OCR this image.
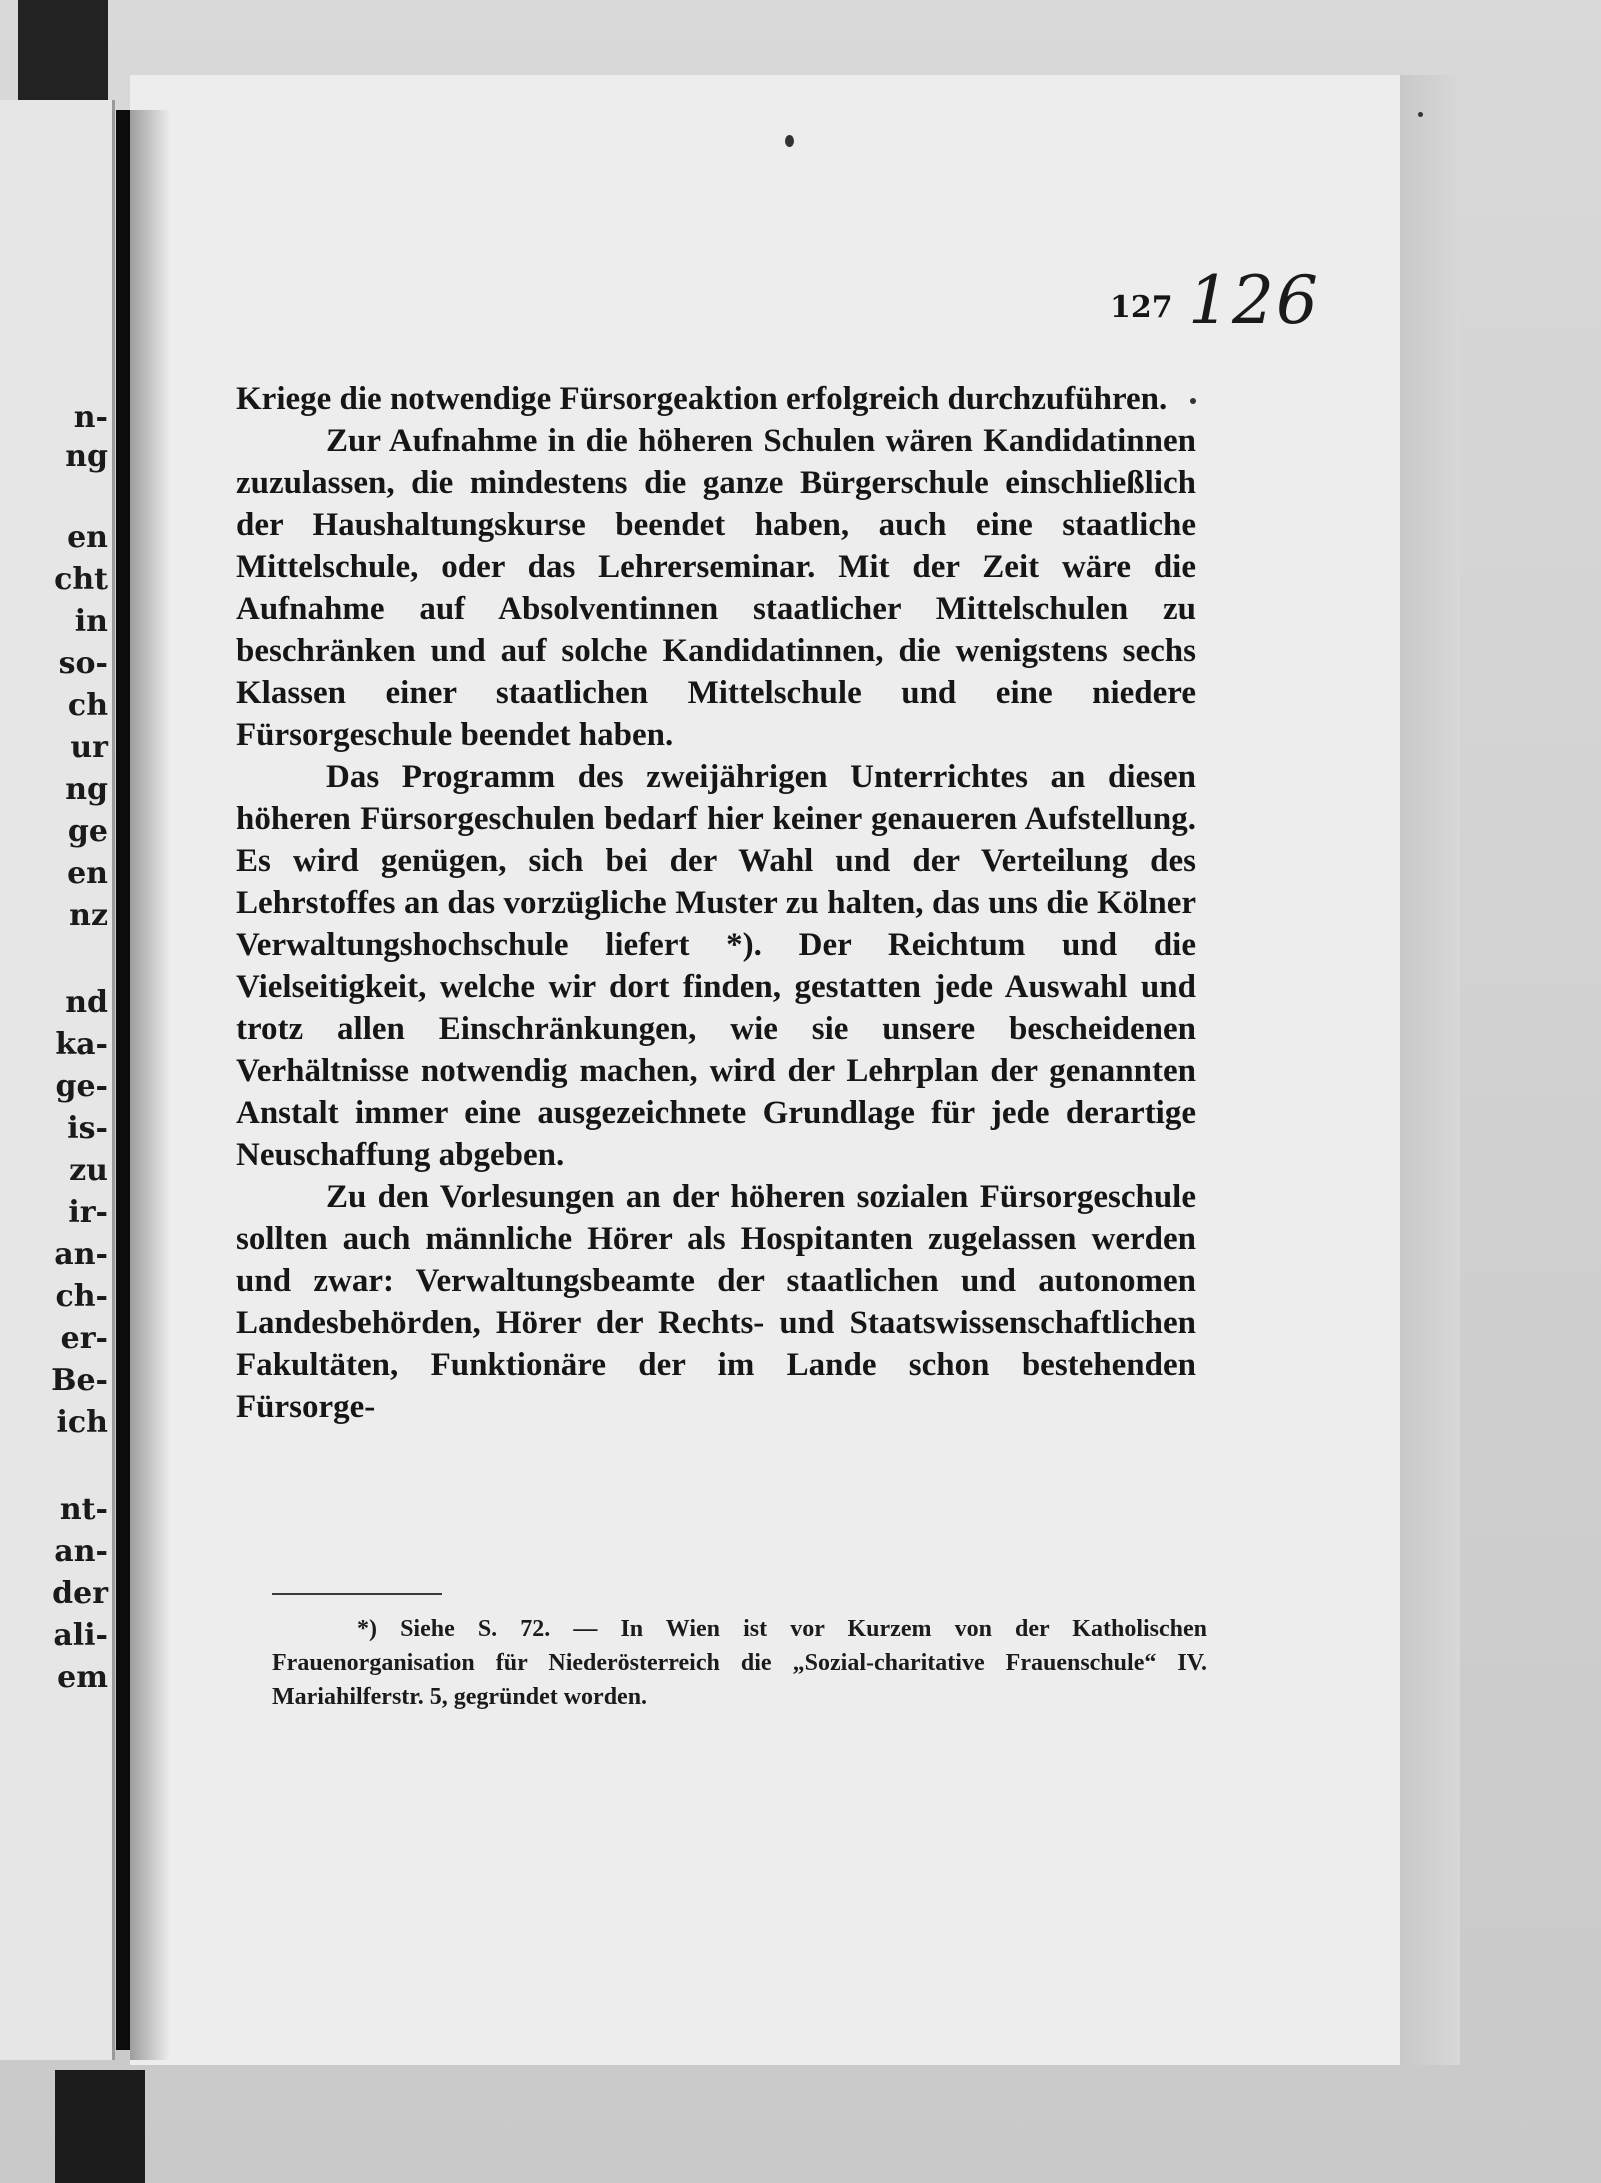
n-
ng
en
cht
in
so-
ch
ur
ng
ge
en
nz
nd
ka-
ge-
is-
zu
ir-
an-
ch-
er-
Be-
ich
nt-
an-
der
ali-
em
127 126

Kriege die notwendige Fürsorgeaktion erfolgreich durchzuführen.

Zur Aufnahme in die höheren Schulen wären Kandidatinnen zuzulassen, die mindestens die ganze Bürgerschule einschließlich der Haushaltungskurse beendet haben, auch eine staatliche Mittelschule, oder das Lehrerseminar. Mit der Zeit wäre die Aufnahme auf Absolventinnen staatlicher Mittelschulen zu beschränken und auf solche Kandidatinnen, die wenigstens sechs Klassen einer staatlichen Mittelschule und eine niedere Fürsorgeschule beendet haben.

Das Programm des zweijährigen Unterrichtes an diesen höheren Fürsorgeschulen bedarf hier keiner genaueren Aufstellung. Es wird genügen, sich bei der Wahl und der Verteilung des Lehrstoffes an das vorzügliche Muster zu halten, das uns die Kölner Verwaltungshochschule liefert *). Der Reichtum und die Vielseitigkeit, welche wir dort finden, gestatten jede Auswahl und trotz allen Einschränkungen, wie sie unsere bescheidenen Verhältnisse notwendig machen, wird der Lehrplan der genannten Anstalt immer eine ausgezeichnete Grundlage für jede derartige Neuschaffung abgeben.

Zu den Vorlesungen an der höheren sozialen Fürsorgeschule sollten auch männliche Hörer als Hospitanten zugelassen werden und zwar: Verwaltungsbeamte der staatlichen und autonomen Landesbehörden, Hörer der Rechts- und Staatswissenschaftlichen Fakultäten, Funktionäre der im Lande schon bestehenden Fürsorge-

*) Siehe S. 72. — In Wien ist vor Kurzem von der Katholischen Frauenorganisation für Niederösterreich die „Sozial-charitative Frauenschule“ IV. Mariahilferstr. 5, gegründet worden.
